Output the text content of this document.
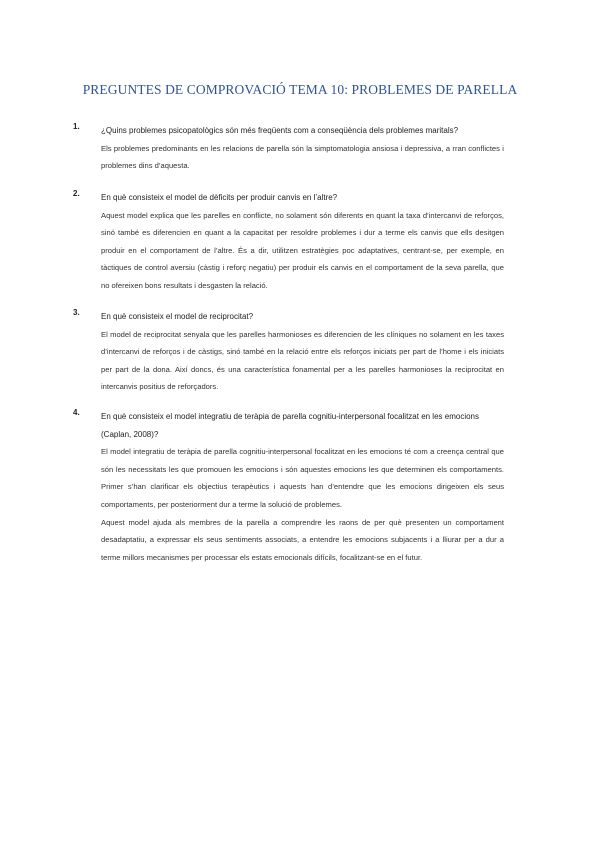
PREGUNTES DE COMPROVACIÓ TEMA 10: PROBLEMES DE PARELLA
1.	¿Quins problemes psicopatològics són més freqüents com a conseqüència dels problemes maritals?

Els problemes predominants en les relacions de parella són la simptomatologia ansiosa i depressiva, a rran conflictes i problemes dins d’aquesta.

2.	En què consisteix el model de dèficits per produir canvis en l’altre?

Aquest model explica que les parelles en conflicte, no solament són diferents en quant la taxa d’intercanvi de reforços, sinó també es diferencien en quant a la capacitat per resoldre problemes i dur a terme els canvis que ells desitgen produir en el comportament de l’altre. És a dir, utilitzen estratègies poc adaptatives, centrant-se, per exemple, en tàctiques de control aversiu (càstig i reforç negatiu) per produir els canvis en el comportament de la seva parella, que no ofereixen bons resultats i desgasten la relació.

3.	En què consisteix el model de reciprocitat?

El model de reciprocitat senyala que les parelles harmonioses es diferencien de les clíniques no solament en les taxes d’intercanvi de reforços i de càstigs, sinó també en la relació entre els reforços iniciats per part de l’home i els iniciats per part de la dona. Així doncs, és una característica fonamental per a les parelles harmonioses la reciprocitat en intercanvis positius de reforçadors.

4.	En què consisteix el model integratiu de teràpia de parella cognitiu-interpersonal focalitzat en les emocions (Caplan, 2008)?

El model integratiu de teràpia de parella cognitiu-interpersonal focalitzat en les emocions té com a creença central que són les necessitats les que promouen les emocions i són aquestes emocions les que determinen els comportaments. Primer s’han clarificar els objectius terapèutics i aquests han d’entendre que les emocions dirigeixen els seus comportaments, per posteriorment dur a terme la solució de problemes.

Aquest model ajuda als membres de la parella a comprendre les raons de per què presenten un comportament desadaptatiu, a expressar els seus sentiments associats, a entendre les emocions subjacents i a lliurar per a dur a terme millors mecanismes per processar els estats emocionals difícils, focalitzant-se en el futur.
